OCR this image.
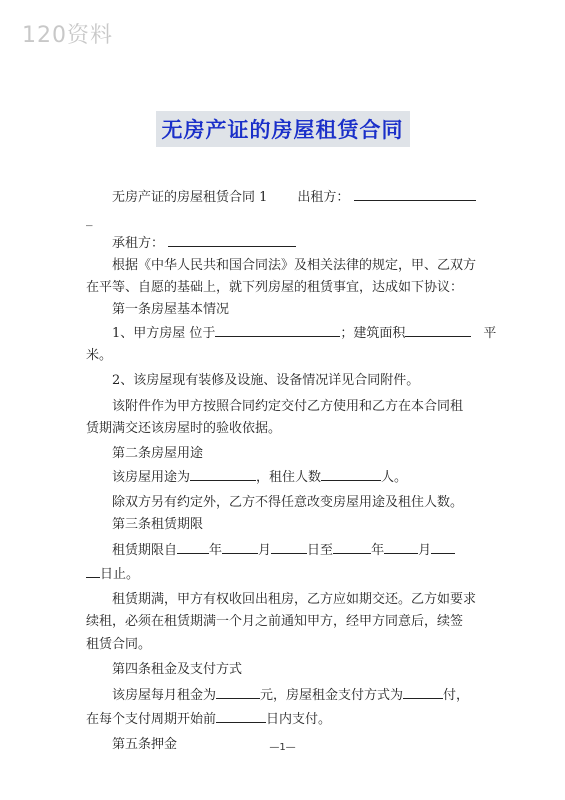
120资料
无房产证的房屋租赁合同

无房产证的房屋租赁合同 1 出租方：

_

承租方：

根据《中华人民共和国合同法》及相关法律的规定，甲、乙双方

在平等、自愿的基础上，就下列房屋的租赁事宜，达成如下协议：

第一条房屋基本情况

1、甲方房屋 位于	；建筑面积	平

米。

2、该房屋现有装修及设施、设备情况详见合同附件。

该附件作为甲方按照合同约定交付乙方使用和乙方在本合同租

赁期满交还该房屋时的验收依据。

第二条房屋用途

该房屋用途为	，租住人数	人。

除双方另有约定外，乙方不得任意改变房屋用途及租住人数。

第三条租赁期限

租赁期限自 年	月	日至	年	月

日止。

租赁期满，甲方有权收回出租房，乙方应如期交还。乙方如要求

续租，必须在租赁期满一个月之前通知甲方，经甲方同意后，续签

租赁合同。

第四条租金及支付方式

该房屋每月租金为	元，房屋租金支付方式为	付，

在每个支付周期开始前	日内支付。

第五条押金	—1—
